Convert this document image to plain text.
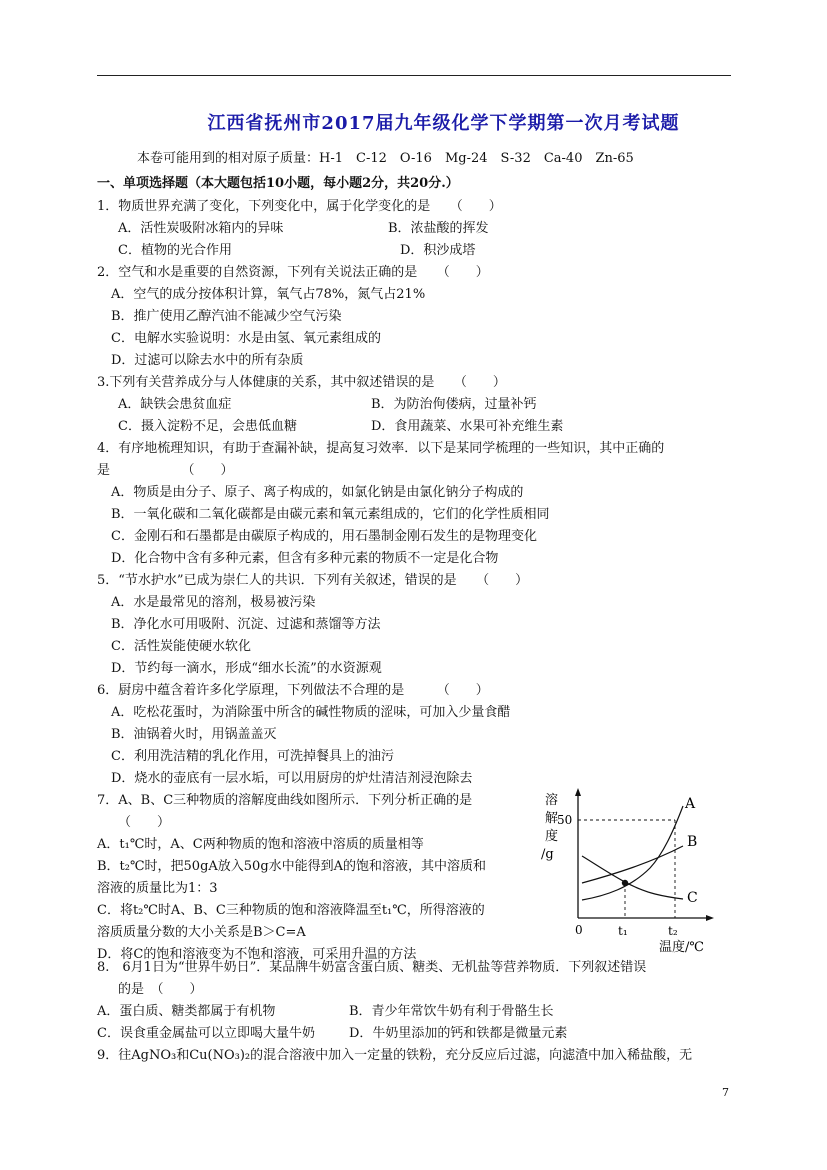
江西省抚州市2017届九年级化学下学期第一次月考试题
本卷可能用到的相对原子质量：H-1　C-12　O-16　Mg-24　S-32　Ca-40　Zn-65
一、单项选择题（本大题包括10小题，每小题2分，共20分.）
1．物质世界充满了变化，下列变化中，属于化学变化的是　　（　　）
A．活性炭吸附冰箱内的异味	B．浓盐酸的挥发
C．植物的光合作用	D．积沙成塔
2．空气和水是重要的自然资源，下列有关说法正确的是　　（　　）
A．空气的成分按体积计算，氧气占78%，氮气占21%
B．推广使用乙醇汽油不能减少空气污染
C．电解水实验说明：水是由氢、氧元素组成的
D．过滤可以除去水中的所有杂质
3.下列有关营养成分与人体健康的关系，其中叙述错误的是　　（　　）
A．缺铁会患贫血症	B．为防治佝偻病，过量补钙
C．摄入淀粉不足，会患低血糖	D．食用蔬菜、水果可补充维生素
4．有序地梳理知识，有助于查漏补缺，提高复习效率．以下是某同学梳理的一些知识，其中正确的
是　　　　　　（　　）
A．物质是由分子、原子、离子构成的，如氯化钠是由氯化钠分子构成的
B．一氧化碳和二氧化碳都是由碳元素和氧元素组成的，它们的化学性质相同
C．金刚石和石墨都是由碳原子构成的，用石墨制金刚石发生的是物理变化
D．化合物中含有多种元素，但含有多种元素的物质不一定是化合物
5．“节水护水”已成为崇仁人的共识．下列有关叙述，错误的是　　（　　）
A．水是最常见的溶剂，极易被污染
B．净化水可用吸附、沉淀、过滤和蒸馏等方法
C．活性炭能使硬水软化
D．节约每一滴水，形成“细水长流”的水资源观
6．厨房中蕴含着许多化学原理，下列做法不合理的是　　　（　　）
A．吃松花蛋时，为消除蛋中所含的碱性物质的涩味，可加入少量食醋
B．油锅着火时，用锅盖盖灭
C．利用洗洁精的乳化作用，可洗掉餐具上的油污
D．烧水的壶底有一层水垢，可以用厨房的炉灶清洁剂浸泡除去
7．A、B、C三种物质的溶解度曲线如图所示．下列分析正确的是
（　　）
A．t₁℃时，A、C两种物质的饱和溶液中溶质的质量相等
B．t₂℃时，把50gA放入50g水中能得到A的饱和溶液，其中溶质和
溶液的质量比为1：3
C．将t₂℃时A、B、C三种物质的饱和溶液降温至t₁℃，所得溶液的
溶质质量分数的大小关系是B＞C=A
D．将C的饱和溶液变为不饱和溶液，可采用升温的方法
溶
解
度
/g
A
B
C
50
0	t₁	t₂
温度/℃
8.　6月1日为“世界牛奶日”．某品牌牛奶富含蛋白质、糖类、无机盐等营养物质．下列叙述错误
的是　（　　）
A．蛋白质、糖类都属于有机物	B．青少年常饮牛奶有利于骨骼生长
C．误食重金属盐可以立即喝大量牛奶	D．牛奶里添加的钙和铁都是微量元素
9．往AgNO₃和Cu(NO₃)₂的混合溶液中加入一定量的铁粉，充分反应后过滤，向滤渣中加入稀盐酸，无
7
